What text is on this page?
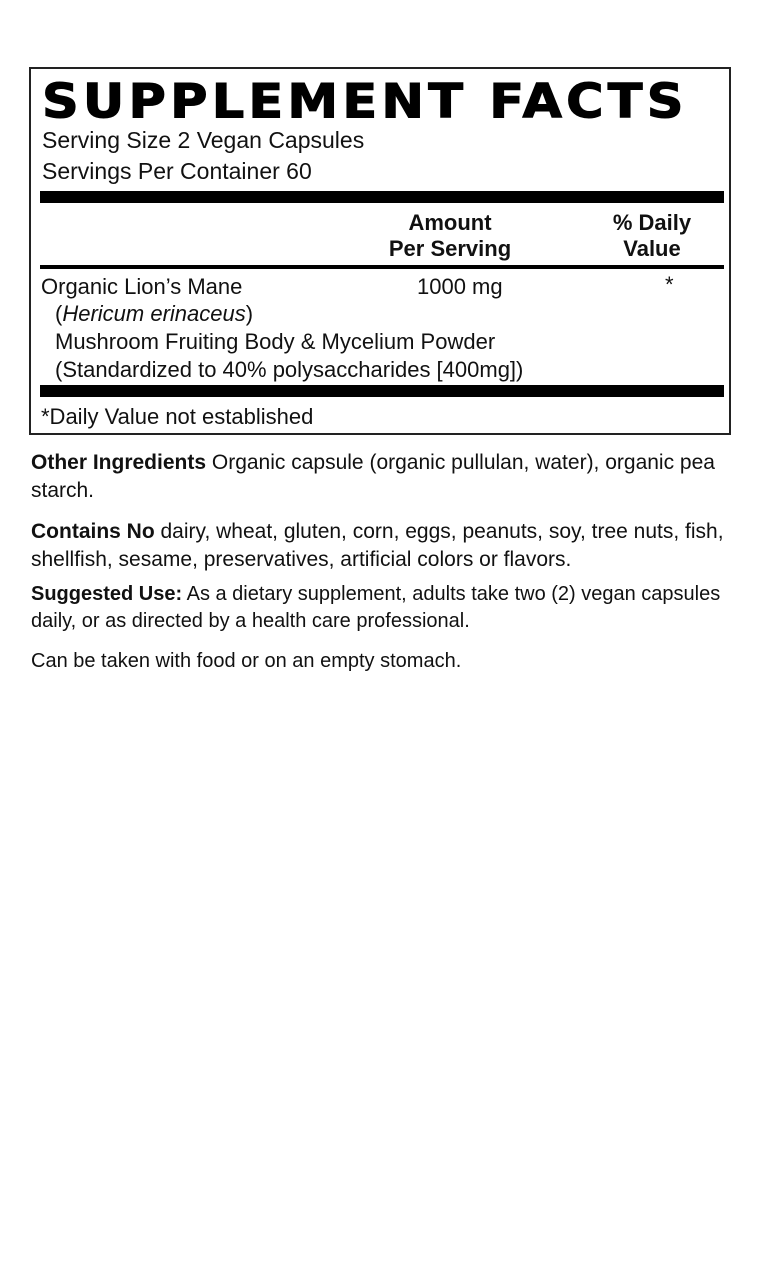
SUPPLEMENT FACTS
Serving Size 2 Vegan Capsules
Servings Per Container 60
Amount
Per Serving
% Daily
Value
Organic Lion’s Mane	1000 mg	*
(Hericum erinaceus)
Mushroom Fruiting Body & Mycelium Powder
(Standardized to 40% polysaccharides [400mg])
*Daily Value not established
Other Ingredients Organic capsule (organic pullulan, water), organic pea starch.
Contains No dairy, wheat, gluten, corn, eggs, peanuts, soy, tree nuts, fish, shellfish, sesame, preservatives, artificial colors or flavors.
Suggested Use: As a dietary supplement, adults take two (2) vegan capsules daily, or as directed by a health care professional.
Can be taken with food or on an empty stomach.
